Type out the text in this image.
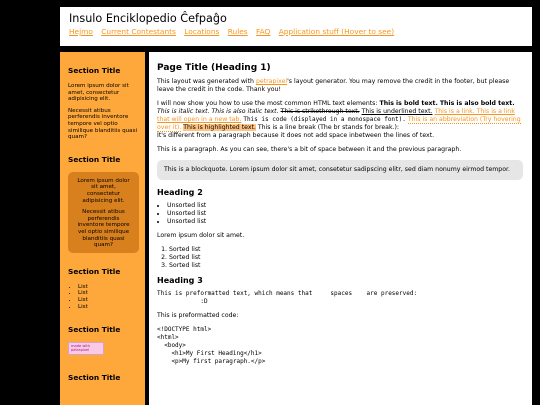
Insulo Enciklopedio Ĉefpaĝo
Hejmo Current Contestants Locations Rules FAQ Application stuff (Hover to see)
Section Title
Lorem ipsum dolor sit amet, consectetur adipisicing elit.
Necessit atibus perferendis inventore tempore vel optio similique blanditiis quasi quam?
Section Title
Lorem ipsum dolor sit amet, consectetur adipisicing elit.
Necessit atibus perferendis inventore tempore vel optio similique blanditiis quasi quam?
Section Title
• List
• List
• List
• List
Section Title
made with
petrapixel
Section Title
Page Title (Heading 1)

This layout was generated with petrapixel's layout generator. You may remove the credit in the footer, but please leave the credit in the code. Thank you!

I will now show you how to use the most common HTML text elements: This is bold text. This is also bold text. This is italic text. This is also italic text. This is strikethrough text. This is underlined text. This is a link. This is a link that will open in a new tab. This is code (displayed in a monospace font). This is an abbreviation (Try hovering over it). This is highlighted text. This is a line break (The br stands for break.):
It's different from a paragraph because it does not add space inbetween the lines of text.

This is a paragraph. As you can see, there's a bit of space between it and the previous paragraph.

This is a blockquote. Lorem ipsum dolor sit amet, consetetur sadipscing elitr, sed diam nonumy eirmod tempor.
Heading 2
• Unsorted list
• Unsorted list
• Unsorted list

Lorem ipsum dolor sit amet.

1. Sorted list
2. Sorted list
3. Sorted list
Heading 3
This is preformatted text, which means that     spaces    are preserved:
:D

This is preformatted code:

<!DOCTYPE html>
<html>
<body>
<h1>My First Heading</h1>
<p>My first paragraph.</p>
